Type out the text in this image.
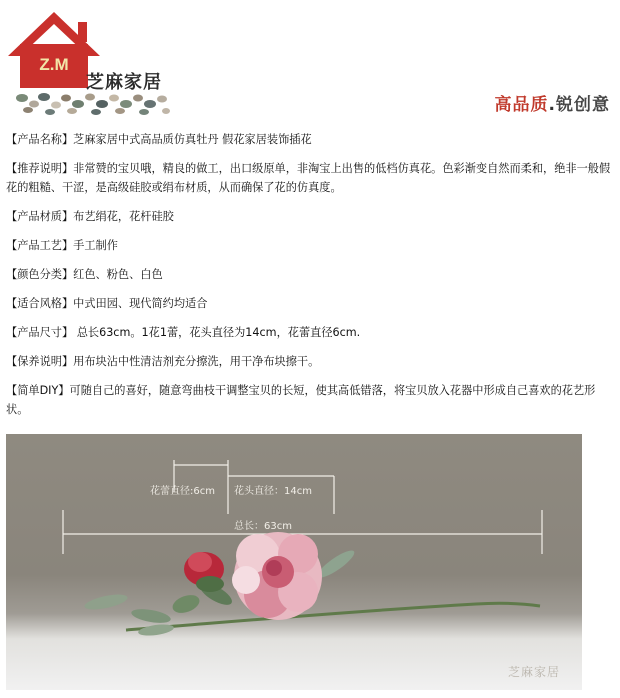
Z.M
芝麻家居
高品质.锐创意

【产品名称】芝麻家居中式高品质仿真牡丹 假花家居装饰插花

【推荐说明】非常赞的宝贝哦，精良的做工，出口级原单，非淘宝上出售的低档仿真花。色彩渐变自然而柔和，绝非一般假花的粗糙、干涩，是高级硅胶或绢布材质，从而确保了花的仿真度。

【产品材质】布艺绢花，花杆硅胶

【产品工艺】手工制作

【颜色分类】红色、粉色、白色

【适合风格】中式田园、现代简约均适合

【产品尺寸】 总长63cm。1花1蕾，花头直径为14cm，花蕾直径6cm.

【保养说明】用布块沾中性清洁剂充分擦洗，用干净布块擦干。

【简单DIY】可随自己的喜好，随意弯曲枝干调整宝贝的长短，使其高低错落，将宝贝放入花器中形成自己喜欢的花艺形状。

花蕾直径:6cm 花头直径：14cm
总长：63cm
芝麻家居
